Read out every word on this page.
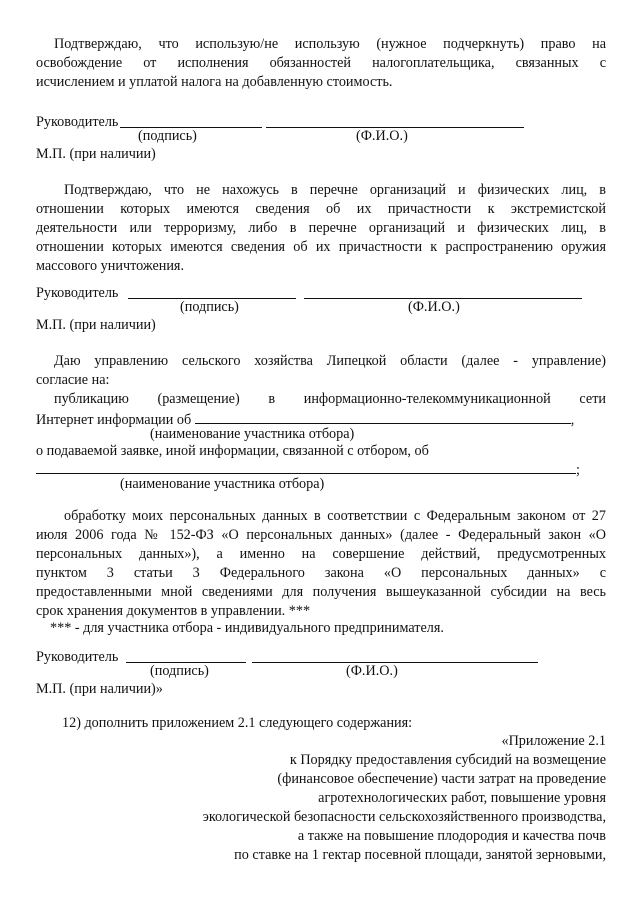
Подтверждаю, что использую/не использую (нужное подчеркнуть) право на
освобождение от исполнения обязанностей налогоплательщика, связанных с
исчислением и уплатой налога на добавленную стоимость.
Руководитель
(подпись)	(Ф.И.О.)
М.П. (при наличии)
Подтверждаю, что не нахожусь в перечне организаций и физических лиц, в
отношении которых имеются сведения об их причастности к экстремистской
деятельности или терроризму, либо в перечне организаций и физических лиц, в
отношении которых имеются сведения об их причастности к распространению оружия
массового уничтожения.
Руководитель
(подпись)	(Ф.И.О.)
М.П. (при наличии)
Даю управлению сельского хозяйства Липецкой области (далее - управление)
согласие на:
публикацию (размещение) в информационно-телекоммуникационной сети
Интернет информации об	,
(наименование участника отбора)
о подаваемой заявке, иной информации, связанной с отбором, об
;
(наименование участника отбора)
обработку моих персональных данных в соответствии с Федеральным законом от 27
июля 2006 года № 152-ФЗ «О персональных данных» (далее - Федеральный закон «О
персональных данных»), а именно на совершение действий, предусмотренных
пунктом 3 статьи 3 Федерального закона «О персональных данных» с
предоставленными мной сведениями для получения вышеуказанной субсидии на весь
срок хранения документов в управлении. ***
*** - для участника отбора - индивидуального предпринимателя.
Руководитель
(подпись)	(Ф.И.О.)
М.П. (при наличии)»
12) дополнить приложением 2.1 следующего содержания:
«Приложение 2.1
к Порядку предоставления субсидий на возмещение
(финансовое обеспечение) части затрат на проведение
агротехнологических работ, повышение уровня
экологической безопасности сельскохозяйственного производства,
а также на повышение плодородия и качества почв
по ставке на 1 гектар посевной площади, занятой зерновыми,
